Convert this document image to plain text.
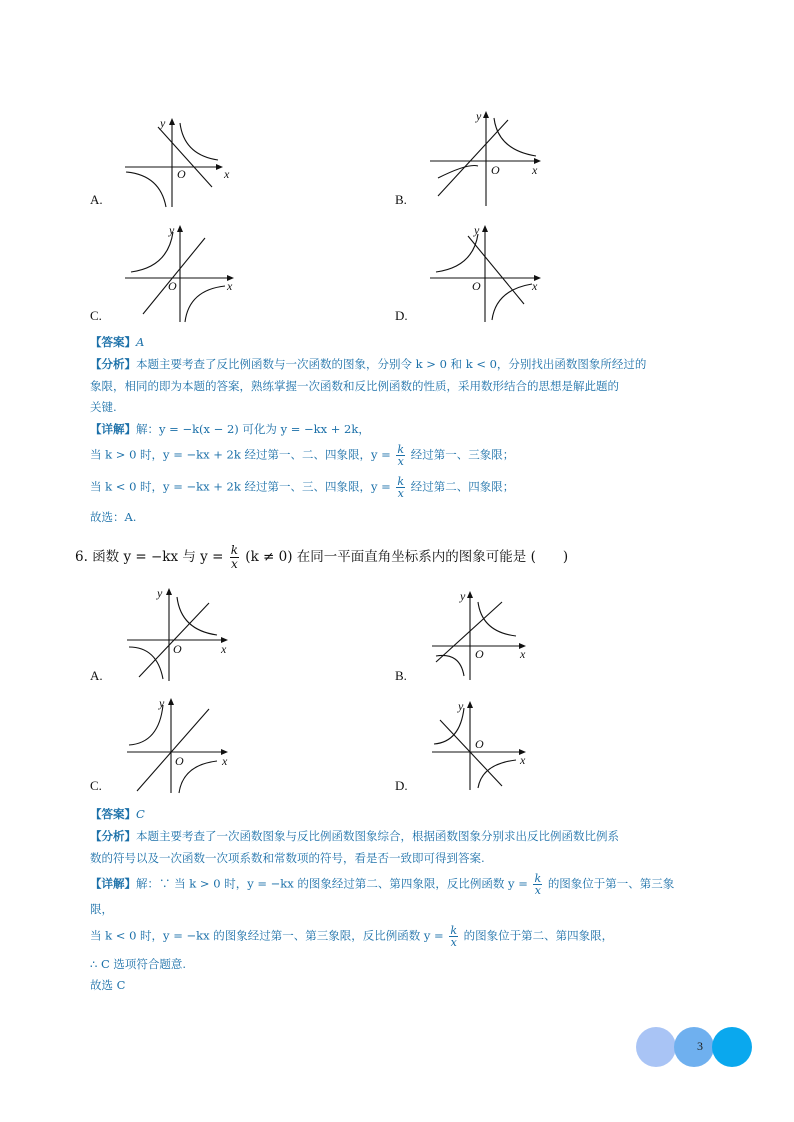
x
y
O
A.
x
y
O
B.
x
y
O
C.
x
y
O
D.
【答案】A
【分析】本题主要考查了反比例函数与一次函数的图象，分别令 k > 0 和 k < 0，分别找出函数图象所经过的
象限，相同的即为本题的答案，熟练掌握一次函数和反比例函数的性质，采用数形结合的思想是解此题的
关键.
【详解】解：y = −k(x − 2) 可化为 y = −kx + 2k，
当 k > 0 时，y = −kx + 2k 经过第一、二、四象限，$y = \frac{k}{x}$ 经过第一、三象限；
当 k < 0 时，y = −kx + 2k 经过第一、三、四象限，$y = \frac{k}{x}$ 经过第二、四象限；
故选：A.
6. 函数 y = −kx 与 $y = \frac{k}{x} (k \ne 0)$ 在同一平面直角坐标系内的图象可能是 (　　)
x
y
O
A.
x
y
O
B.
x
y
O
C.
x
y
O
D.
【答案】C
【分析】本题主要考查了一次函数图象与反比例函数图象综合，根据函数图象分别求出反比例函数比例系
数的符号以及一次函数一次项系数和常数项的符号，看是否一致即可得到答案.
【详解】解：∵ 当 k > 0 时，y = −kx 的图象经过第二、第四象限，反比例函数 $y = \frac{k}{x}$ 的图象位于第一、第三象
限，
当 k < 0 时，y = −kx 的图象经过第一、第三象限，反比例函数 $y = \frac{k}{x}$ 的图象位于第二、第四象限，
∴ C 选项符合题意.
故选 C
3
